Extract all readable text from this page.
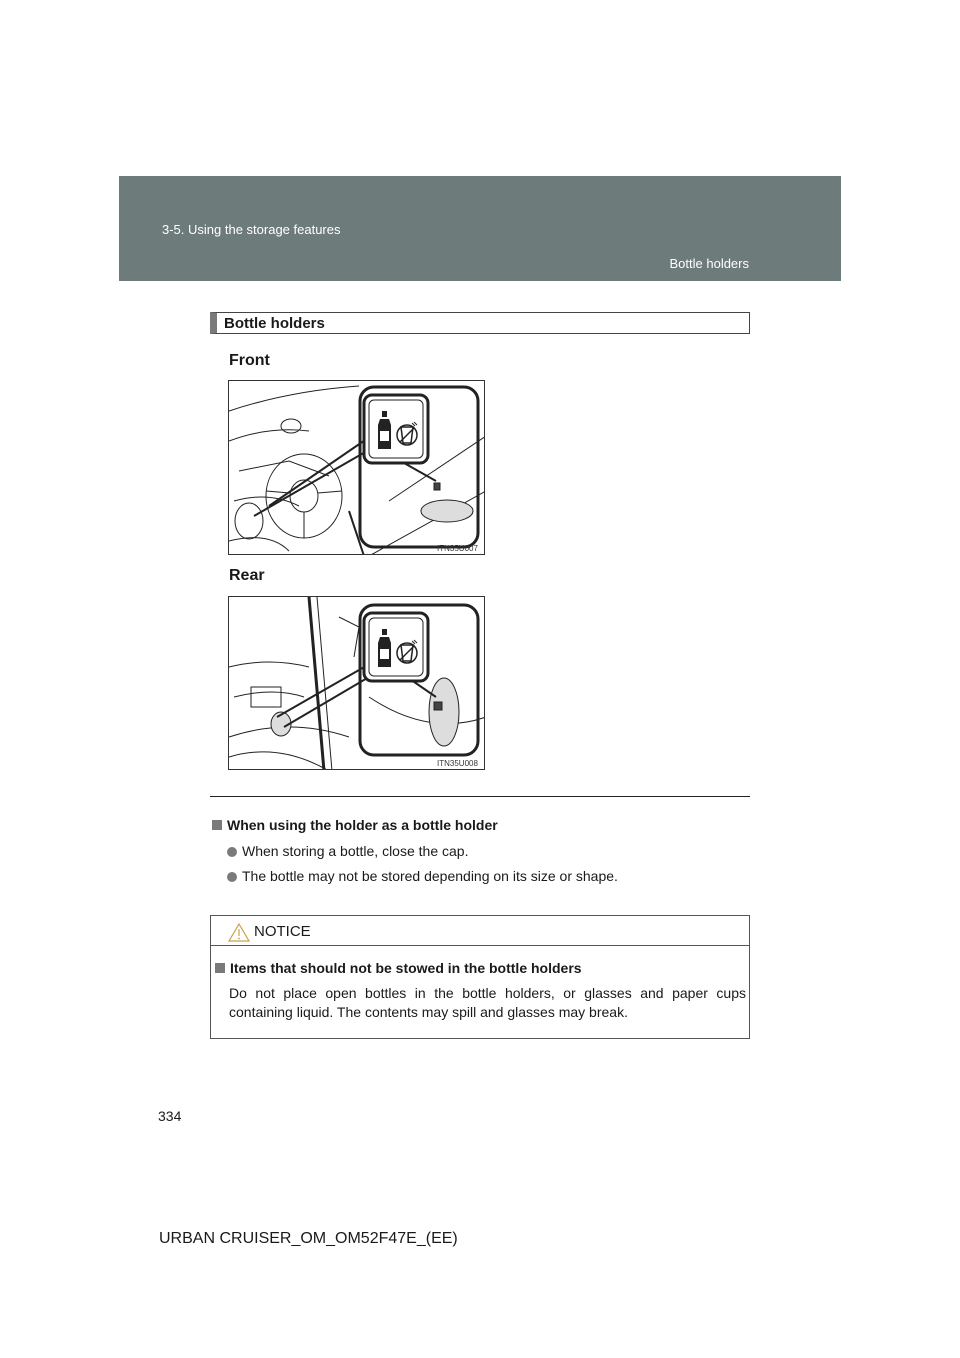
3-5. Using the storage features
Bottle holders
Bottle holders
Front
ITN35U007
Rear
ITN35U008
When using the holder as a bottle holder
When storing a bottle, close the cap.
The bottle may not be stored depending on its size or shape.
NOTICE
Items that should not be stowed in the bottle holders
Do not place open bottles in the bottle holders, or glasses and paper cups containing liquid. The contents may spill and glasses may break.
334
URBAN CRUISER_OM_OM52F47E_(EE)
